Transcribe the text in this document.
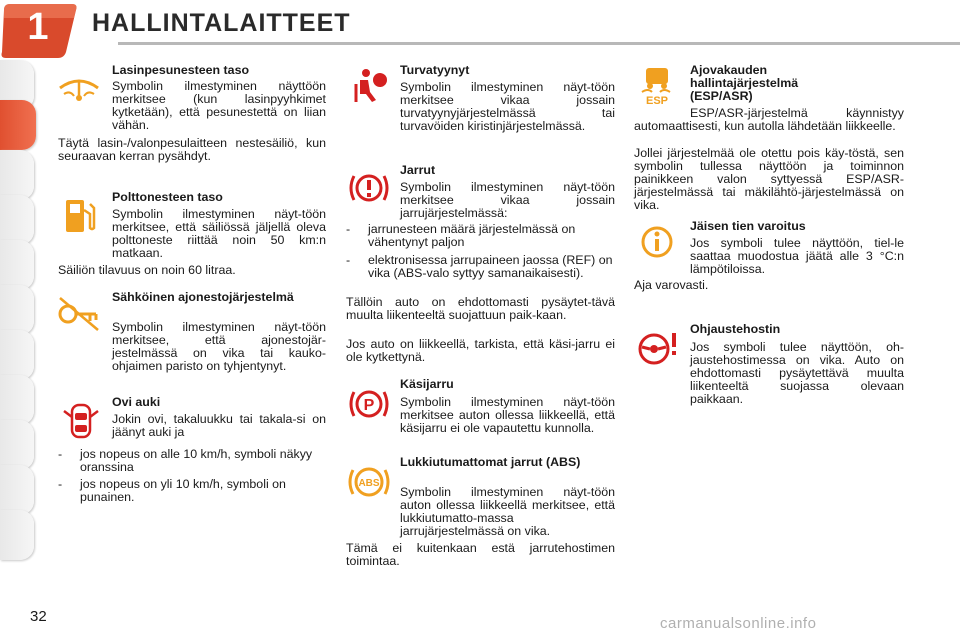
1	HALLINTALAITTEET
Lasinpesunesteen taso

Symbolin ilmestyminen näyttöön merkitsee (kun lasinpyyhkimet kytketään), että pesunestettä on liian vähän.

Täytä lasin-/valonpesulaitteen nestesäiliö, kun seuraavan kerran pysähdyt.

Polttonesteen taso

Symbolin ilmestyminen näyt-töön merkitsee, että säiliössä jäljellä oleva polttoneste riittää noin 50 km:n matkaan.

Säiliön tilavuus on noin 60 litraa.

Sähköinen ajonestojärjestelmä

Symbolin ilmestyminen näyt-töön merkitsee, että ajonestojär-jestelmässä on vika tai kauko-ohjaimen paristo on tyhjentynyt.

Ovi auki

Jokin ovi, takaluukku tai takala-si on jäänyt auki ja

- jos nopeus on alle 10 km/h, symboli näkyy oranssina
- jos nopeus on yli 10 km/h, symboli on punainen.
Turvatyynyt

Symbolin ilmestyminen näyt-töön merkitsee vikaa jossain turvatyynyjärjestelmässä tai turvavöiden kiristinjärjestelmässä.

Jarrut

Symbolin ilmestyminen näyt-töön merkitsee vikaa jossain jarrujärjestelmässä:

- jarrunesteen määrä järjestelmässä on vähentynyt paljon
- elektronisessa jarrupaineen jaossa (REF) on vika (ABS-valo syttyy samanaikaisesti).

Tällöin auto on ehdottomasti pysäytet-tävä muulta liikenteeltä suojattuun paik-kaan.

Jos auto on liikkeellä, tarkista, että käsi-jarru ei ole kytkettynä.

P
Käsijarru

Symbolin ilmestyminen näyt-töön merkitsee auton ollessa liikkeellä, että käsijarru ei ole vapautettu kunnolla.

ABS
Lukkiutumattomat jarrut (ABS)

Symbolin ilmestyminen näyt-töön auton ollessa liikkeellä merkitsee, että lukkiutumatto-massa jarrujärjestelmässä on vika.

Tämä ei kuitenkaan estä jarrutehostimen toimintaa.

ESP
Ajovakauden hallintajärjestelmä (ESP/ASR)

ESP/ASR-järjestelmä käynnistyy automaattisesti, kun autolla lähdetään liikkeelle.

Jollei järjestelmää ole otettu pois käy-töstä, sen symbolin tullessa näyttöön ja toiminnon painikkeen valon syttyessä ESP/ASR-järjestelmässä tai mäkilähtö-järjestelmässä on vika.

Jäisen tien varoitus

Jos symboli tulee näyttöön, tiel-le saattaa muodostua jäätä alle 3 °C:n lämpötiloissa.

Aja varovasti.

Ohjaustehostin

Jos symboli tulee näyttöön, oh-jaustehostimessa on vika. Auto on ehdottomasti pysäytettävä muulta liikenteeltä suojassa olevaan paikkaan.

32	carmanualsonline.info
